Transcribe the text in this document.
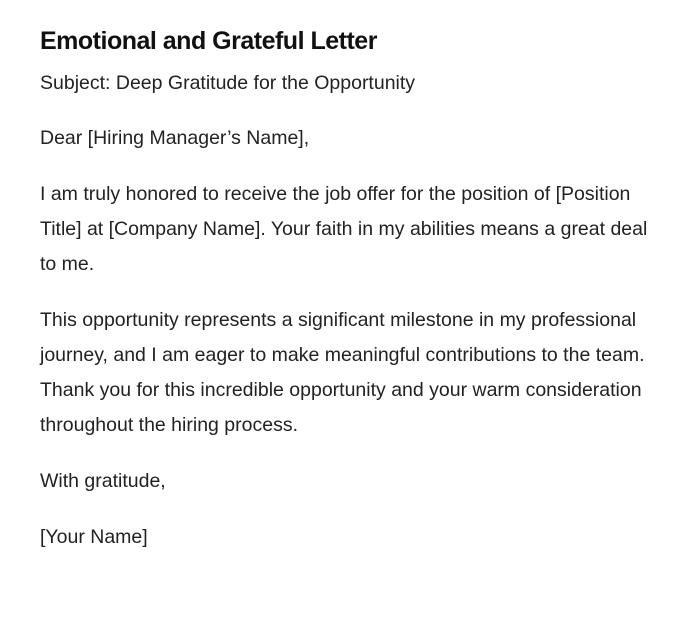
Emotional and Grateful Letter

Subject: Deep Gratitude for the Opportunity

Dear [Hiring Manager’s Name],

I am truly honored to receive the job offer for the position of [Position Title] at [Company Name]. Your faith in my abilities means a great deal to me.

This opportunity represents a significant milestone in my professional journey, and I am eager to make meaningful contributions to the team. Thank you for this incredible opportunity and your warm consideration throughout the hiring process.

With gratitude,

[Your Name]
